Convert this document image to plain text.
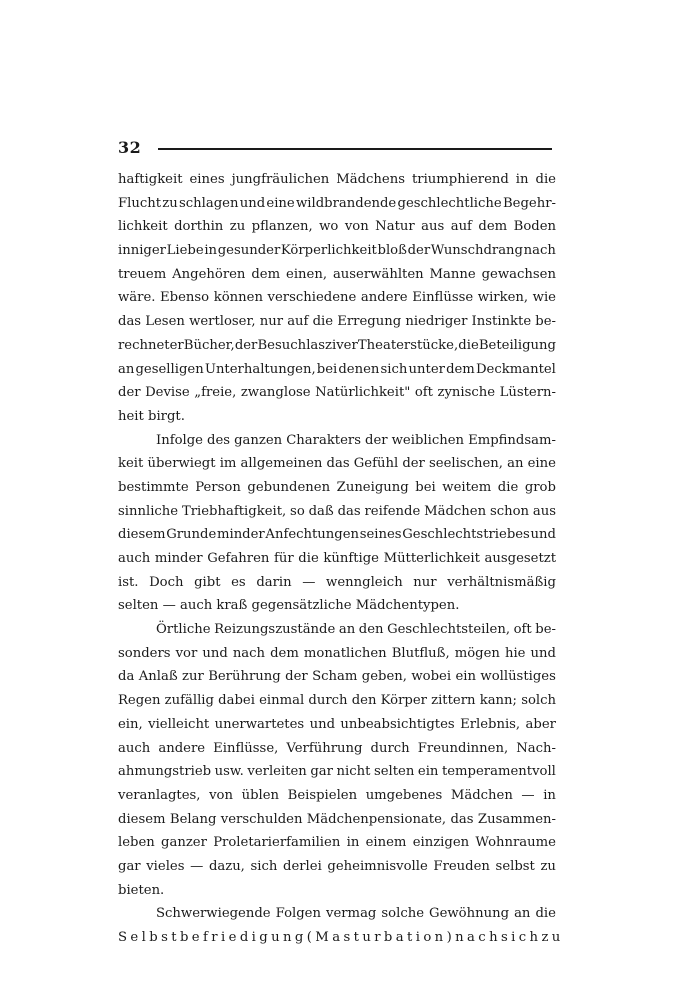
32
haftigkeit eines jungfräulichen Mädchens triumphierend in die
Flucht zu schlagen und eine wildbrandende geschlechtliche Begehr-
lichkeit dorthin zu pflanzen, wo von Natur aus auf dem Boden
inniger Liebe in gesunder Körperlichkeit bloß der Wunschdrang nach
treuem Angehören dem einen, auserwählten Manne gewachsen
wäre. Ebenso können verschiedene andere Einflüsse wirken, wie
das Lesen wertloser, nur auf die Erregung niedriger Instinkte be-
rechneter Bücher, der Besuch lasziver Theaterstücke, die Beteiligung
an geselligen Unterhaltungen, bei denen sich unter dem Deckmantel
der Devise „freie, zwanglose Natürlichkeit" oft zynische Lüstern-
heit birgt.
Infolge des ganzen Charakters der weiblichen Empfindsam-
keit überwiegt im allgemeinen das Gefühl der seelischen, an eine
bestimmte Person gebundenen Zuneigung bei weitem die grob
sinnliche Triebhaftigkeit, so daß das reifende Mädchen schon aus
diesem Grunde minder Anfechtungen seines Geschlechtstriebes und
auch minder Gefahren für die künftige Mütterlichkeit ausgesetzt
ist. Doch gibt es darin — wenngleich nur verhältnismäßig
selten — auch kraß gegensätzliche Mädchentypen.
Örtliche Reizungszustände an den Geschlechtsteilen, oft be-
sonders vor und nach dem monatlichen Blutfluß, mögen hie und
da Anlaß zur Berührung der Scham geben, wobei ein wollüstiges
Regen zufällig dabei einmal durch den Körper zittern kann; solch
ein, vielleicht unerwartetes und unbeabsichtigtes Erlebnis, aber
auch andere Einflüsse, Verführung durch Freundinnen, Nach-
ahmungstrieb usw. verleiten gar nicht selten ein temperamentvoll
veranlagtes, von üblen Beispielen umgebenes Mädchen — in
diesem Belang verschulden Mädchenpensionate, das Zusammen-
leben ganzer Proletarierfamilien in einem einzigen Wohnraume
gar vieles — dazu, sich derlei geheimnisvolle Freuden selbst zu
bieten.
Schwerwiegende Folgen vermag solche Gewöhnung an die
Selbstbefriedigung (Masturbation) nach sich zu
